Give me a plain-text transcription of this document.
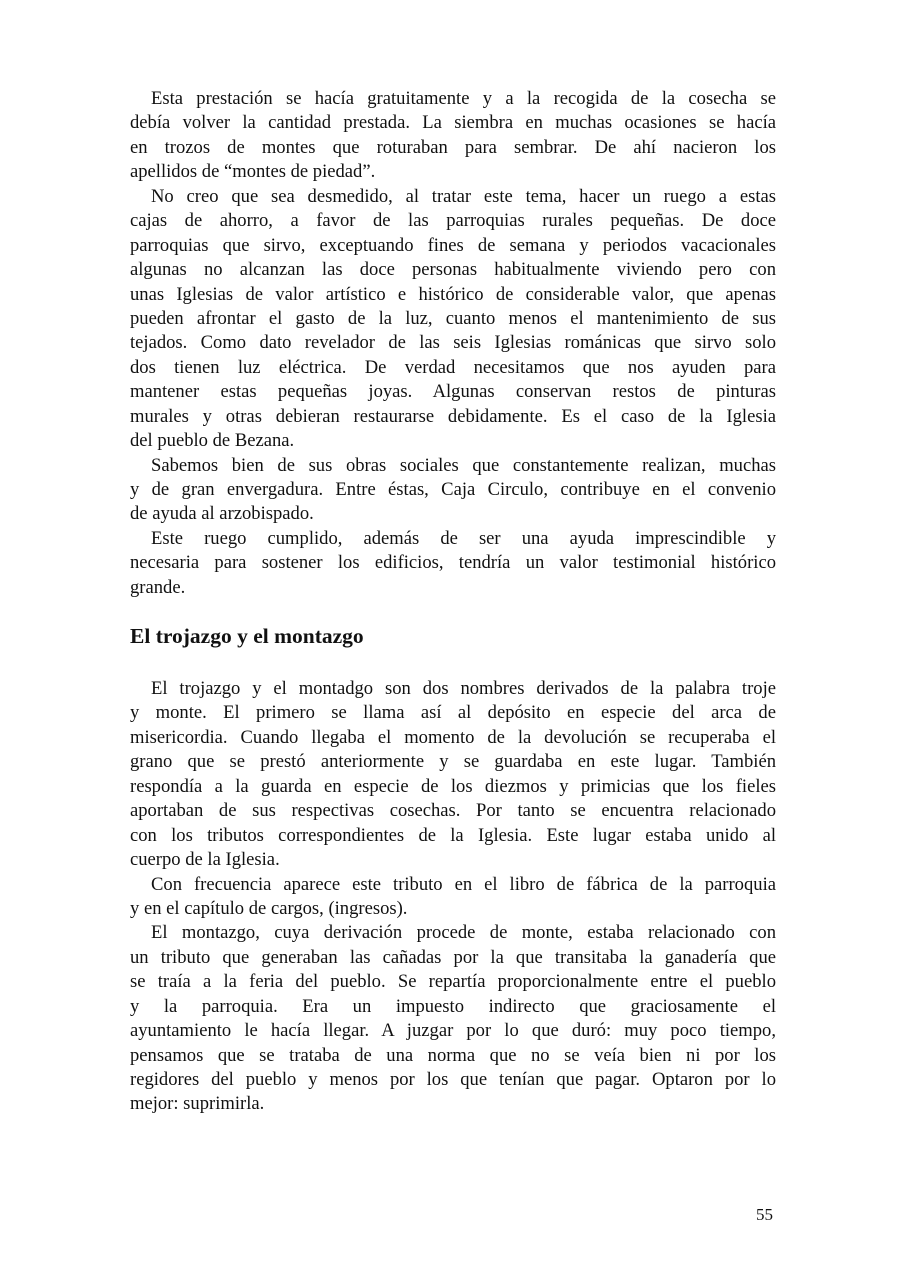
Esta prestación se hacía gratuitamente y a la recogida de la cosecha se
debía volver la cantidad prestada. La siembra en muchas ocasiones se hacía
en trozos de montes que roturaban para sembrar. De ahí nacieron los
apellidos de “montes de piedad”.
No creo que sea desmedido, al tratar este tema, hacer un ruego a estas
cajas de ahorro, a favor de las parroquias rurales pequeñas. De doce
parroquias que sirvo, exceptuando fines de semana y periodos vacacionales
algunas no alcanzan las doce personas habitualmente viviendo pero con
unas Iglesias de valor artístico e histórico de considerable valor, que apenas
pueden afrontar el gasto de la luz, cuanto menos el mantenimiento de sus
tejados. Como dato revelador de las seis Iglesias románicas que sirvo solo
dos tienen luz eléctrica. De verdad necesitamos que nos ayuden para
mantener estas pequeñas joyas. Algunas conservan restos de pinturas
murales y otras debieran restaurarse debidamente. Es el caso de la Iglesia
del pueblo de Bezana.
Sabemos bien de sus obras sociales que constantemente realizan, muchas
y de gran envergadura. Entre éstas, Caja Circulo, contribuye en el convenio
de ayuda al arzobispado.
Este ruego cumplido, además de ser una ayuda imprescindible y
necesaria para sostener los edificios, tendría un valor testimonial histórico
grande.
El trojazgo y el montazgo
El trojazgo y el montadgo son dos nombres derivados de la palabra troje
y monte. El primero se llama así al depósito en especie del arca de
misericordia. Cuando llegaba el momento de la devolución se recuperaba el
grano que se prestó anteriormente y se guardaba en este lugar. También
respondía a la guarda en especie de los diezmos y primicias que los fieles
aportaban de sus respectivas cosechas. Por tanto se encuentra relacionado
con los tributos correspondientes de la Iglesia. Este lugar estaba unido al
cuerpo de la Iglesia.
Con frecuencia aparece este tributo en el libro de fábrica de la parroquia
y en el capítulo de cargos, (ingresos).
El montazgo, cuya derivación procede de monte, estaba relacionado con
un tributo que generaban las cañadas por la que transitaba la ganadería que
se traía a la feria del pueblo. Se repartía proporcionalmente entre el pueblo
y la parroquia. Era un impuesto indirecto que graciosamente el
ayuntamiento le hacía llegar. A juzgar por lo que duró: muy poco tiempo,
pensamos que se trataba de una norma que no se veía bien ni por los
regidores del pueblo y menos por los que tenían que pagar. Optaron por lo
mejor: suprimirla.
55
